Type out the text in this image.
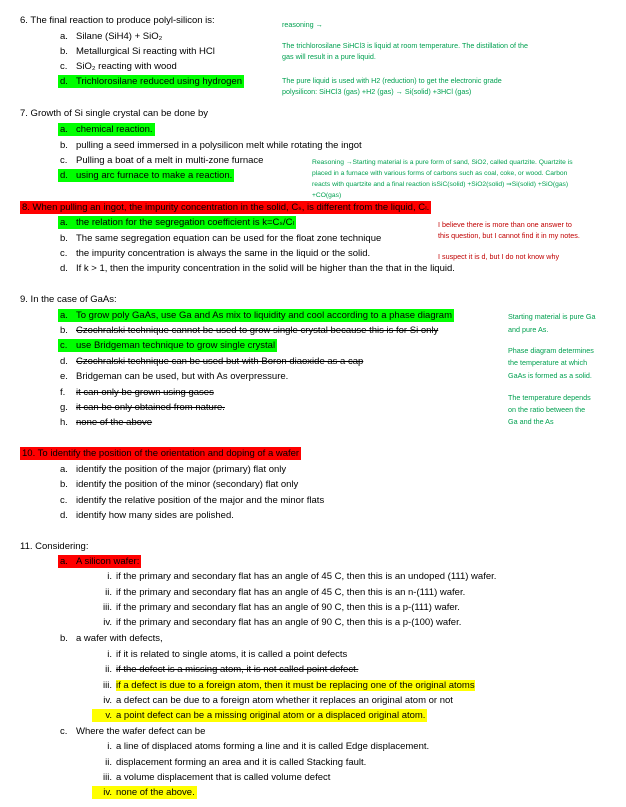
6. The final reaction to produce polyl-silicon is:
a. Silane (SiH4) + SiO₂
b. Metallurgical Si reacting with HCl
c. SiO₂ reacting with wood
d. Trichlorosilane reduced using hydrogen
reasoning →
The trichlorosilane SiHCl3 is liquid at room temperature. The distillation of the
gas will result in a pure liquid.
The pure liquid is used with H2 (reduction) to get the electronic grade
polysilicon: SiHCl3 (gas) +H2 (gas) → Si(solid) +3HCl (gas)
7. Growth of Si single crystal can be done by
a. chemical reaction.
b. pulling a seed immersed in a polysilicon melt while rotating the ingot
c. Pulling a boat of a melt in multi-zone furnace
d. using arc furnace to make a reaction.
Reasoning →Starting material is a pure form of sand, SiO2, called quartzite. Quartzite is
placed in a furnace with various forms of carbons such as coal, coke, or wood. Carbon
reacts with quartzite and a final reaction isSiC(solid) +SiO2(solid) ⇒Si(solid) +SiO(gas)
+CO(gas)
8. When pulling an ingot, the impurity concentration in the solid, Cₛ, is different from the liquid, Cₗ.
a. the relation for the segregation coefficient is k=Cₛ/Cₗ
b. The same segregation equation can be used for the float zone technique
c. the impurity concentration is always the same in the liquid or the solid.
d. If k > 1, then the impurity concentration in the solid will be higher than the that in the liquid.
I believe there is more than one answer to
this question, but I cannot find it in my notes.
I suspect it is d, but I do not know why
9. In the case of GaAs:
a. To grow poly GaAs, use Ga and As mix to liquidity and cool according to a phase diagram
b. Czochralski technique cannot be used to grow single crystal because this is for Si only
c. use Bridgeman technique to grow single crystal
d. Czochralski technique can be used but with Boron diaoxide as a cap
e. Bridgeman can be used, but with As overpressure.
f. it can only be grown using gases
g. it can be only obtained from nature.
h. none of the above
Starting material is pure Ga
and pure As.
Phase diagram determines
the temperature at which
GaAs is formed as a solid.
The temperature depends
on the ratio between the
Ga and the As
10. To identify the position of the orientation and doping of a wafer
a. identify the position of the major (primary) flat only
b. identify the position of the minor (secondary) flat only
c. identify the relative position of the major and the minor flats
d. identify how many sides are polished.
11. Considering:
a. A silicon wafer:
i. if the primary and secondary flat has an angle of 45 C, then this is an undoped (111) wafer.
ii. if the primary and secondary flat has an angle of 45 C, then this is an n-(111) wafer.
iii. if the primary and secondary flat has an angle of 90 C, then this is a p-(111) wafer.
iv. if the primary and secondary flat has an angle of 90 C, then this is a p-(100) wafer.
b. a wafer with defects,
i. if it is related to single atoms, it is called a point defects
ii. if the defect is a missing atom, it is not called point defect.
iii. if a defect is due to a foreign atom, then it must be replacing one of the original atoms
iv. a defect can be due to a foreign atom whether it replaces an original atom or not
v. a point defect can be a missing original atom or a displaced original atom.
c. Where the wafer defect can be
i. a line of displaced atoms forming a line and it is called Edge displacement.
ii. displacement forming an area and it is called Stacking fault.
iii. a volume displacement that is called volume defect
iv. none of the above.
